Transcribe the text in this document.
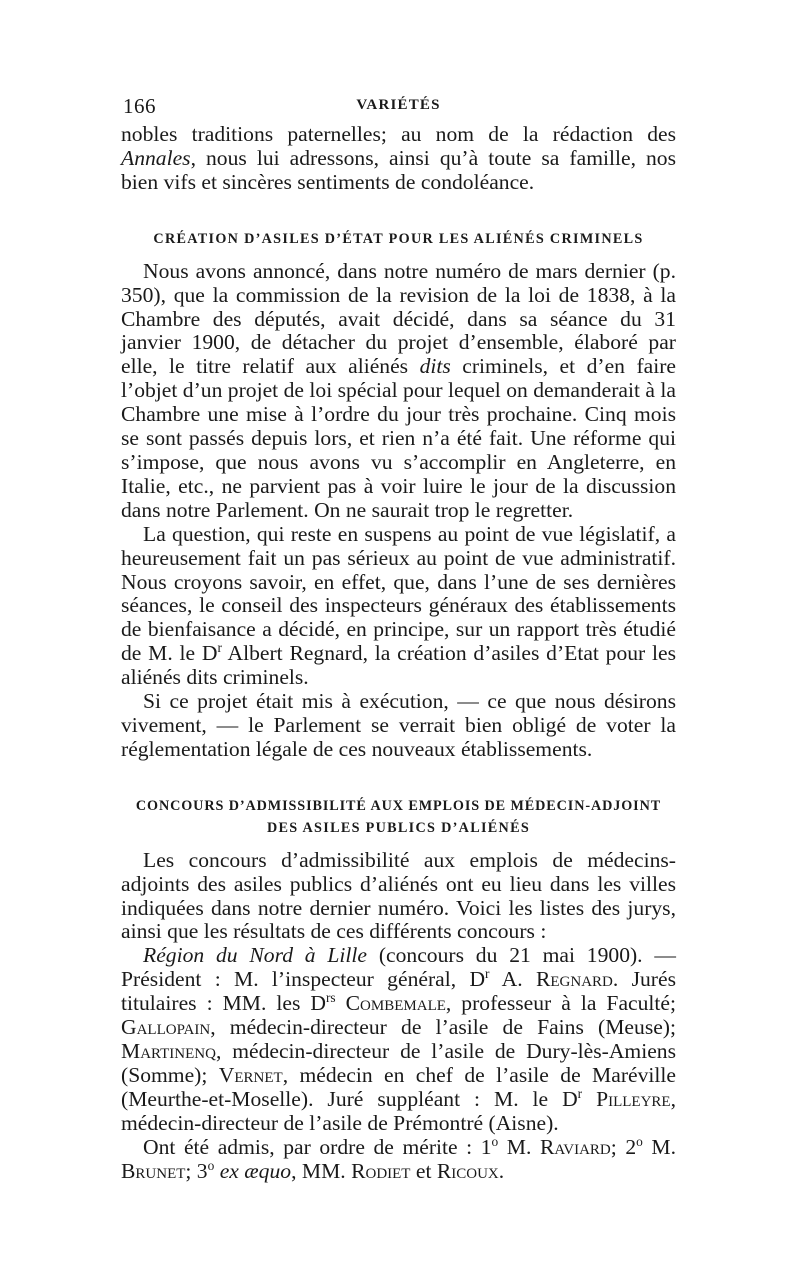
166	VARIÉTÉS

nobles traditions paternelles; au nom de la rédaction des Annales, nous lui adressons, ainsi qu’à toute sa famille, nos bien vifs et sincères sentiments de condoléance.

CRÉATION D’ASILES D’ÉTAT POUR LES ALIÉNÉS CRIMINELS

Nous avons annoncé, dans notre numéro de mars dernier (p. 350), que la commission de la revision de la loi de 1838, à la Chambre des députés, avait décidé, dans sa séance du 31 janvier 1900, de détacher du projet d’ensemble, élaboré par elle, le titre relatif aux aliénés dits criminels, et d’en faire l’objet d’un projet de loi spécial pour lequel on demanderait à la Chambre une mise à l’ordre du jour très prochaine. Cinq mois se sont passés depuis lors, et rien n’a été fait. Une réforme qui s’impose, que nous avons vu s’accomplir en Angleterre, en Italie, etc., ne parvient pas à voir luire le jour de la discussion dans notre Parlement. On ne saurait trop le regretter.

La question, qui reste en suspens au point de vue législatif, a heureusement fait un pas sérieux au point de vue administratif. Nous croyons savoir, en effet, que, dans l’une de ses dernières séances, le conseil des inspecteurs généraux des établissements de bienfaisance a décidé, en principe, sur un rapport très étudié de M. le $D^r$ Albert Regnard, la création d’asiles d’Etat pour les aliénés dits criminels.

Si ce projet était mis à exécution, — ce que nous désirons vivement, — le Parlement se verrait bien obligé de voter la réglementation légale de ces nouveaux établissements.

CONCOURS D’ADMISSIBILITÉ AUX EMPLOIS DE MÉDECIN-ADJOINT
DES ASILES PUBLICS D’ALIÉNÉS

Les concours d’admissibilité aux emplois de médecins-adjoints des asiles publics d’aliénés ont eu lieu dans les villes indiquées dans notre dernier numéro. Voici les listes des jurys, ainsi que les résultats de ces différents concours :

Région du Nord à Lille (concours du 21 mai 1900). — Président : M. l’inspecteur général, $D^r$ A. Regnard. Jurés titulaires : MM. les $D^{rs}$ Combemale, professeur à la Faculté; Gallopain, médecin-directeur de l’asile de Fains (Meuse); Martinenq, médecin-directeur de l’asile de Dury-lès-Amiens (Somme); Vernet, médecin en chef de l’asile de Maréville (Meurthe-et-Moselle). Juré suppléant : M. le $D^r$ Pilleyre, médecin-directeur de l’asile de Prémontré (Aisne).

Ont été admis, par ordre de mérite : 1$^o$ M. Raviard; 2$^o$ M. Brunet; 3$^o$ ex æquo, MM. Rodiet et Ricoux.
